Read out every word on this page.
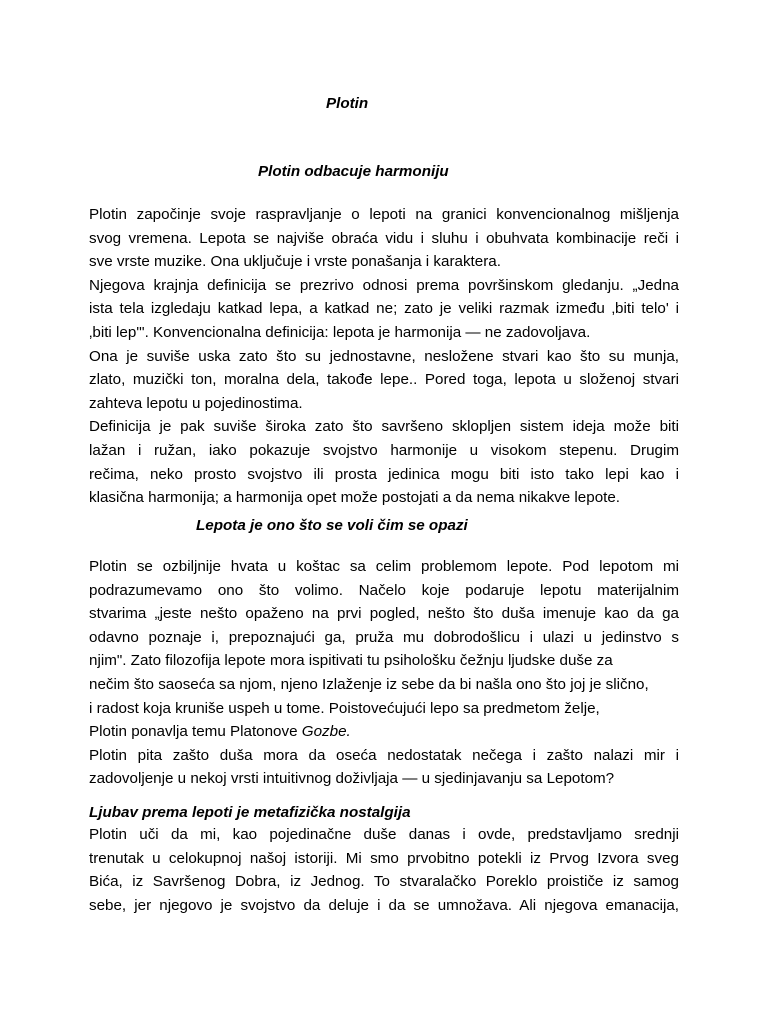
Plotin

Plotin odbacuje harmoniju

Plotin započinje svoje raspravljanje o lepoti na granici konvencionalnog mišljenja

svog vremena. Lepota se najviše obraća vidu i sluhu i obuhvata kombinacije reči i

sve vrste muzike. Ona uključuje i vrste ponašanja i karaktera.

Njegova krajnja definicija se prezrivo odnosi prema površinskom gledanju. „Jedna

ista tela izgledaju katkad lepa, a katkad ne; zato je veliki razmak između ‚biti telo' i

‚biti lep'". Konvencionalna definicija: lepota je harmonija — ne zadovoljava.

Ona je suviše uska zato što su jednostavne, nesložene stvari kao što su munja,

zlato, muzički ton, moralna dela, takođe lepe.. Pored toga, lepota u složenoj stvari

zahteva lepotu u pojedinostima.

Definicija je pak suviše široka zato što savršeno sklopljen sistem ideja može biti

lažan i ružan, iako pokazuje svojstvo harmonije u visokom stepenu. Drugim

rečima, neko prosto svojstvo ili prosta jedinica mogu biti isto tako lepi kao i

klasična harmonija; a harmonija opet može postojati a da nema nikakve lepote.

Lepota je ono što se voli čim se opazi

Plotin se ozbiljnije hvata u koštac sa celim problemom lepote. Pod lepotom mi

podrazumevamo ono što volimo. Načelo koje podaruje lepotu materijalnim

stvarima „jeste nešto opaženo na prvi pogled, nešto što duša imenuje kao da ga

odavno poznaje i, prepoznajući ga, pruža mu dobrodošlicu i ulazi u jedinstvo s

njim". Zato filozofija lepote mora ispitivati tu psihološku čežnju ljudske duše za

nečim što saoseća sa njom, njeno Izlaženje iz sebe da bi našla ono što joj je slično,

i radost koja kruniše uspeh u tome. Poistovećujući lepo sa predmetom želje,

Plotin ponavlja temu Platonove Gozbe.

Plotin pita zašto duša mora da oseća nedostatak nečega i zašto nalazi mir i

zadovoljenje u nekoj vrsti intuitivnog doživljaja — u sjedinjavanju sa Lepotom?

Ljubav prema lepoti je metafizička nostalgija

Plotin uči da mi, kao pojedinačne duše danas i ovde, predstavljamo srednji

trenutak u celokupnoj našoj istoriji. Mi smo prvobitno potekli iz Prvog Izvora sveg

Bića, iz Savršenog Dobra, iz Jednog. To stvaralačko Poreklo proističe iz samog

sebe, jer njegovo je svojstvo da deluje i da se umnožava. Ali njegova emanacija,
